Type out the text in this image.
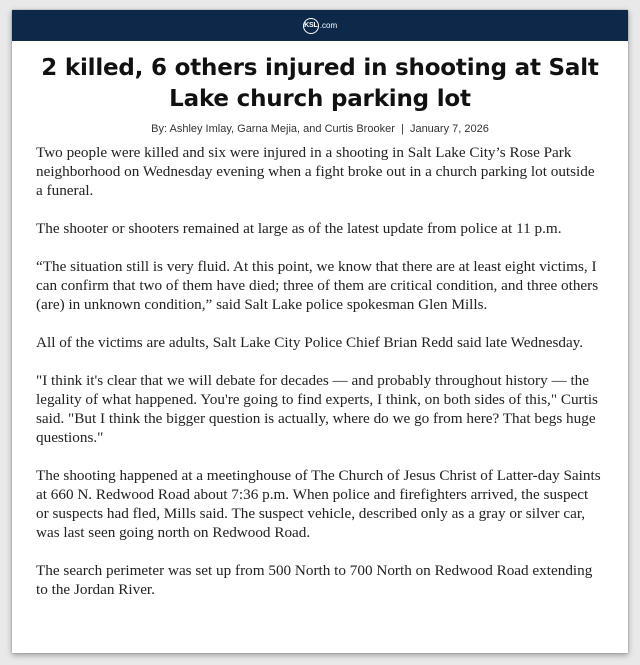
KSL .com
2 killed, 6 others injured in shooting at Salt Lake church parking lot
By: Ashley Imlay, Garna Mejia, and Curtis Brooker  |  January 7, 2026

Two people were killed and six were injured in a shooting in Salt Lake City’s Rose Park neighborhood on Wednesday evening when a fight broke out in a church parking lot outside a funeral.

The shooter or shooters remained at large as of the latest update from police at 11 p.m.

“The situation still is very fluid. At this point, we know that there are at least eight victims, I can confirm that two of them have died; three of them are critical condition, and three others (are) in unknown condition,” said Salt Lake police spokesman Glen Mills.

All of the victims are adults, Salt Lake City Police Chief Brian Redd said late Wednesday.

"I think it's clear that we will debate for decades — and probably throughout history — the legality of what happened. You're going to find experts, I think, on both sides of this," Curtis said. "But I think the bigger question is actually, where do we go from here? That begs huge questions."

The shooting happened at a meetinghouse of The Church of Jesus Christ of Latter-day Saints at 660 N. Redwood Road about 7:36 p.m. When police and firefighters arrived, the suspect or suspects had fled, Mills said. The suspect vehicle, described only as a gray or silver car, was last seen going north on Redwood Road.

The search perimeter was set up from 500 North to 700 North on Redwood Road extending to the Jordan River.
